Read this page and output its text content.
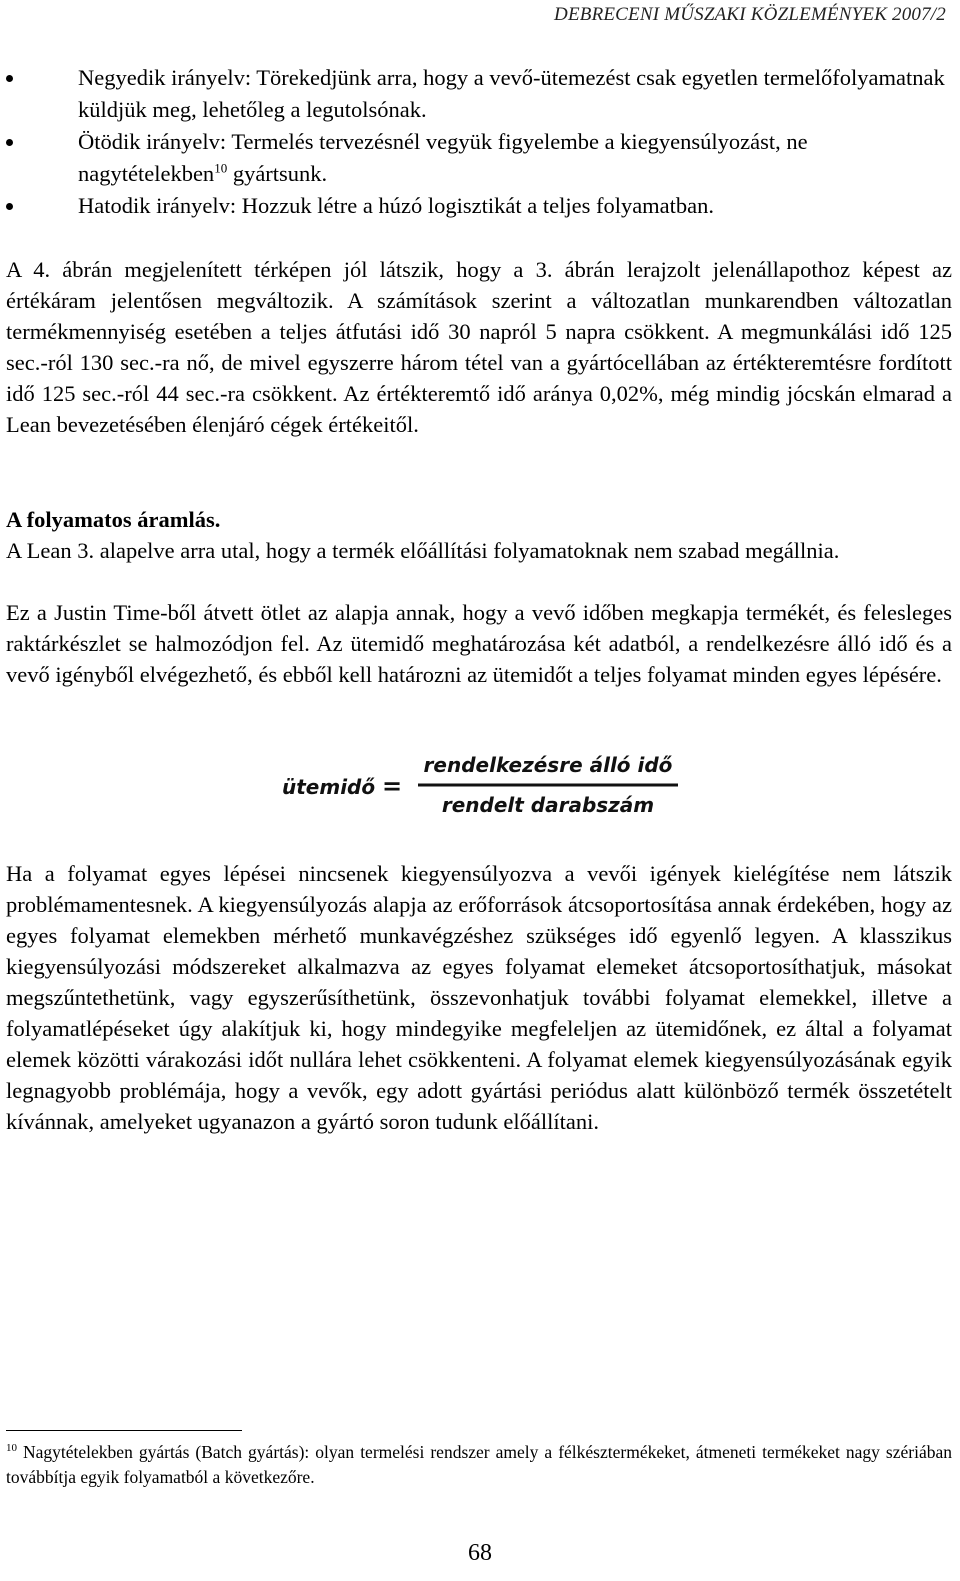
DEBRECENI MŰSZAKI KÖZLEMÉNYEK 2007/2
Negyedik irányelv: Törekedjünk arra, hogy a vevő-ütemezést csak egyetlen termelőfolyamatnak küldjük meg, lehetőleg a legutolsónak.
Ötödik irányelv: Termelés tervezésnél vegyük figyelembe a kiegyensúlyozást, ne nagytételekben$^{10}$ gyártsunk.
Hatodik irányelv: Hozzuk létre a húzó logisztikát a teljes folyamatban.

A 4. ábrán megjelenített térképen jól látszik, hogy a 3. ábrán lerajzolt jelenállapothoz képest az értékáram jelentősen megváltozik. A számítások szerint a változatlan munkarendben változatlan termékmennyiség esetében a teljes átfutási idő 30 napról 5 napra csökkent. A megmunkálási idő 125 sec.-ról 130 sec.-ra nő, de mivel egyszerre három tétel van a gyártócellában az értékteremtésre fordított idő 125 sec.-ról 44 sec.-ra csökkent. Az értékteremtő idő aránya 0,02%, még mindig jócskán elmarad a Lean bevezetésében élenjáró cégek értékeitől.

A folyamatos áramlás.

A Lean 3. alapelve arra utal, hogy a termék előállítási folyamatoknak nem szabad megállnia.

Ez a Justin Time-ből átvett ötlet az alapja annak, hogy a vevő időben megkapja termékét, és felesleges raktárkészlet se halmozódjon fel. Az ütemidő meghatározása két adatból, a rendelkezésre álló idő és a vevő igényből elvégezhető, és ebből kell határozni az ütemidőt a teljes folyamat minden egyes lépésére.

ütemidő =
rendelkezésre álló idő
rendelt darabszám

Ha a folyamat egyes lépései nincsenek kiegyensúlyozva a vevői igények kielégítése nem látszik problémamentesnek. A kiegyensúlyozás alapja az erőforrások átcsoportosítása annak érdekében, hogy az egyes folyamat elemekben mérhető munkavégzéshez szükséges idő egyenlő legyen. A klasszikus kiegyensúlyozási módszereket alkalmazva az egyes folyamat elemeket átcsoportosíthatjuk, másokat megszűntethetünk, vagy egyszerűsíthetünk, összevonhatjuk további folyamat elemekkel, illetve a folyamatlépéseket úgy alakítjuk ki, hogy mindegyike megfeleljen az ütemidőnek, ez által a folyamat elemek közötti várakozási időt nullára lehet csökkenteni. A folyamat elemek kiegyensúlyozásának egyik legnagyobb problémája, hogy a vevők, egy adott gyártási periódus alatt különböző termék összetételt kívánnak, amelyeket ugyanazon a gyártó soron tudunk előállítani.

$^{10}$ Nagytételekben gyártás (Batch gyártás): olyan termelési rendszer amely a félkésztermékeket, átmeneti termékeket nagy szériában továbbítja egyik folyamatból a következőre.

68
